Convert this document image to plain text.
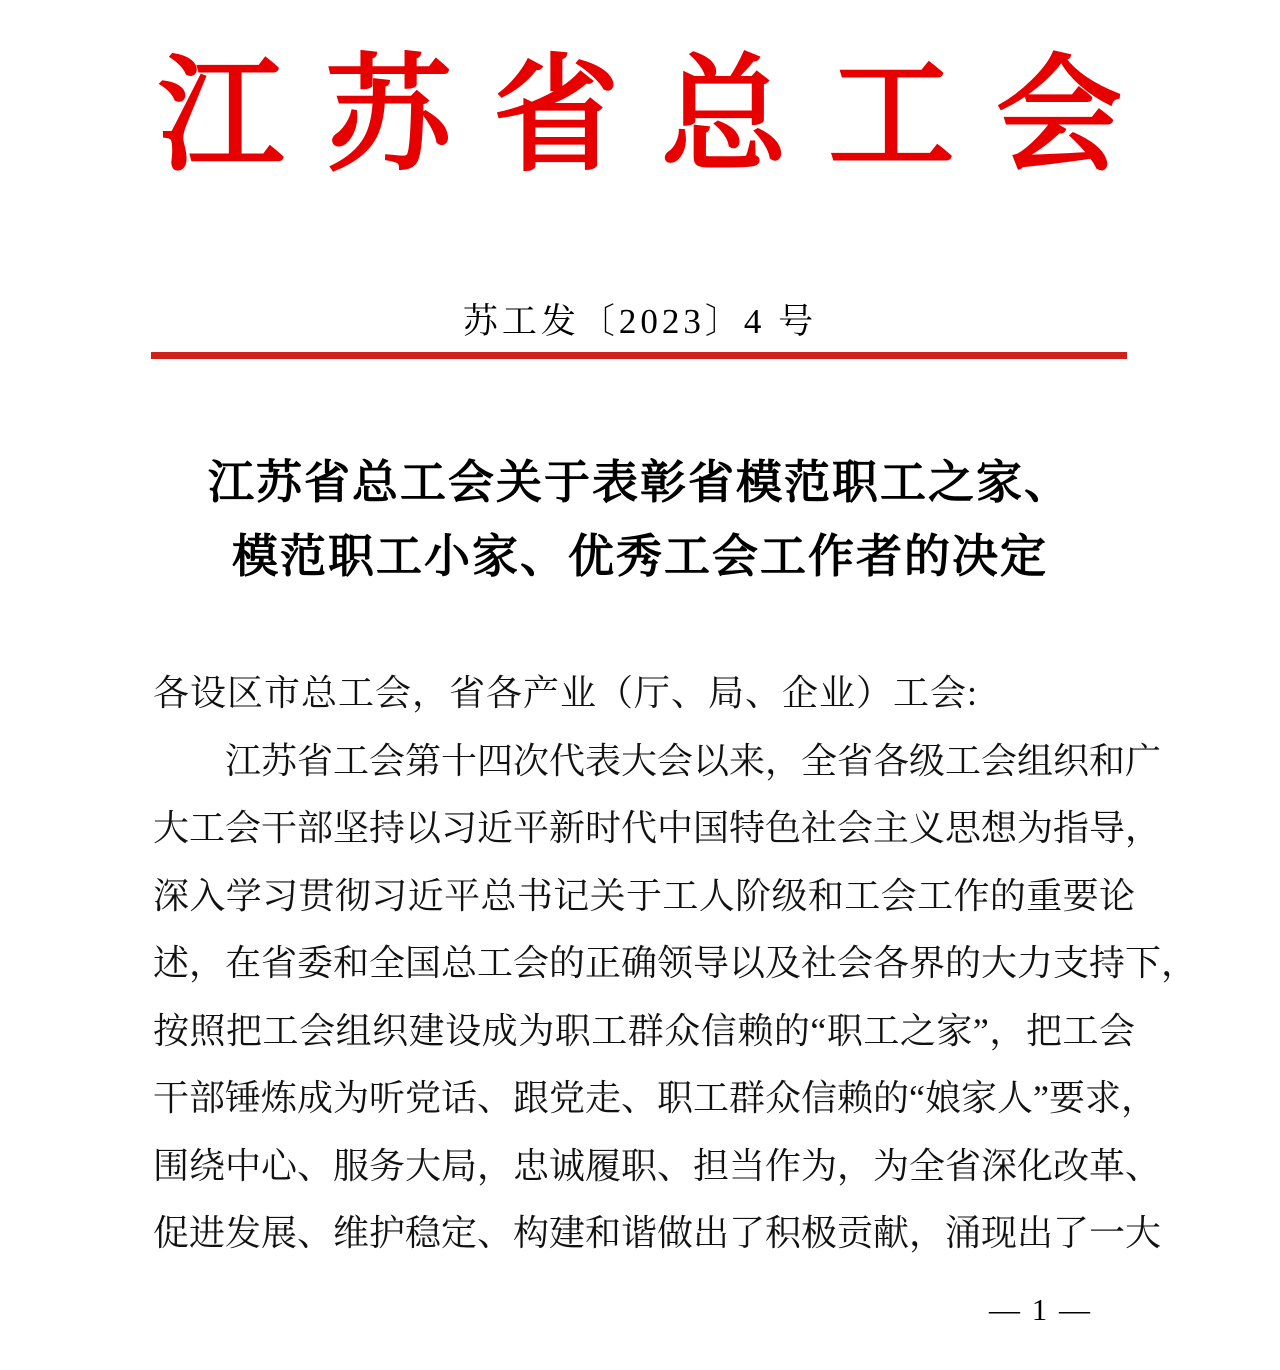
江苏省总工会
苏工发〔2023〕4 号
江苏省总工会关于表彰省模范职工之家、
模范职工小家、优秀工会工作者的决定
各设区市总工会，省各产业（厅、局、企业）工会:
江苏省工会第十四次代表大会以来，全省各级工会组织和广
大工会干部坚持以习近平新时代中国特色社会主义思想为指导，
深入学习贯彻习近平总书记关于工人阶级和工会工作的重要论
述，在省委和全国总工会的正确领导以及社会各界的大力支持下，
按照把工会组织建设成为职工群众信赖的“职工之家”，把工会
干部锤炼成为听党话、跟党走、职工群众信赖的“娘家人”要求，
围绕中心、服务大局，忠诚履职、担当作为，为全省深化改革、
促进发展、维护稳定、构建和谐做出了积极贡献，涌现出了一大
— 1 —
